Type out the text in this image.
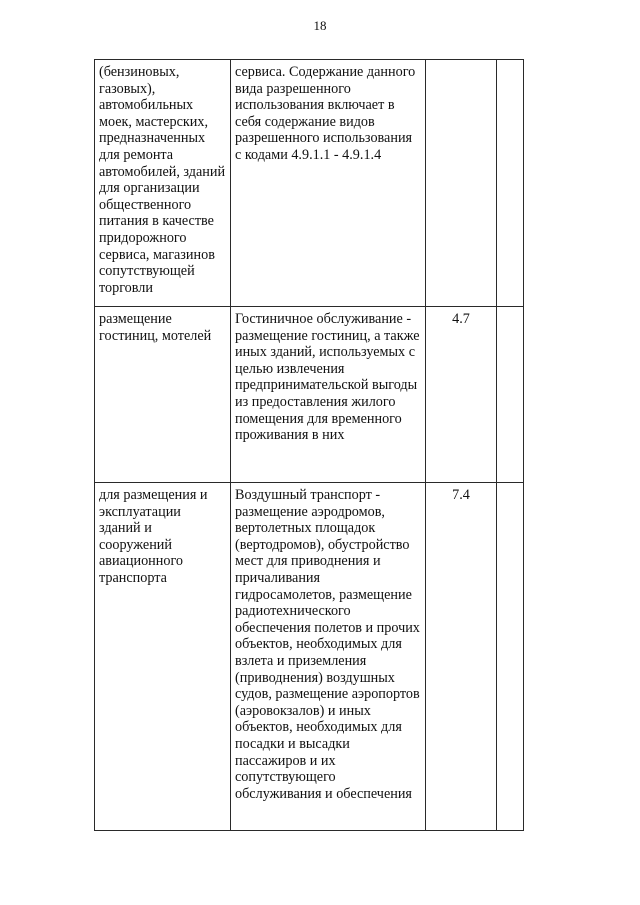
18
(бензиновых, газовых), автомобильных моек, мастерских, предназначенных для ремонта автомобилей, зданий для организации общественного питания в качестве придорожного сервиса, магазинов сопутствующей торговли	сервиса. Содержание данного вида разрешенного использования включает в себя содержание видов разрешенного использования с кодами 4.9.1.1 - 4.9.1.4		
размещение гостиниц, мотелей	Гостиничное обслуживание - размещение гостиниц, а также иных зданий, используемых с целью извлечения предпринимательской выгоды из предоставления жилого помещения для временного проживания в них	4.7	
для размещения и эксплуатации зданий и сооружений авиационного транспорта	Воздушный транспорт - размещение аэродромов, вертолетных площадок (вертодромов), обустройство мест для приводнения и причаливания гидросамолетов, размещение радиотехнического обеспечения полетов и прочих объектов, необходимых для взлета и приземления (приводнения) воздушных судов, размещение аэропортов (аэровокзалов) и иных объектов, необходимых для посадки и высадки пассажиров и их сопутствующего обслуживания и обеспечения	7.4	
